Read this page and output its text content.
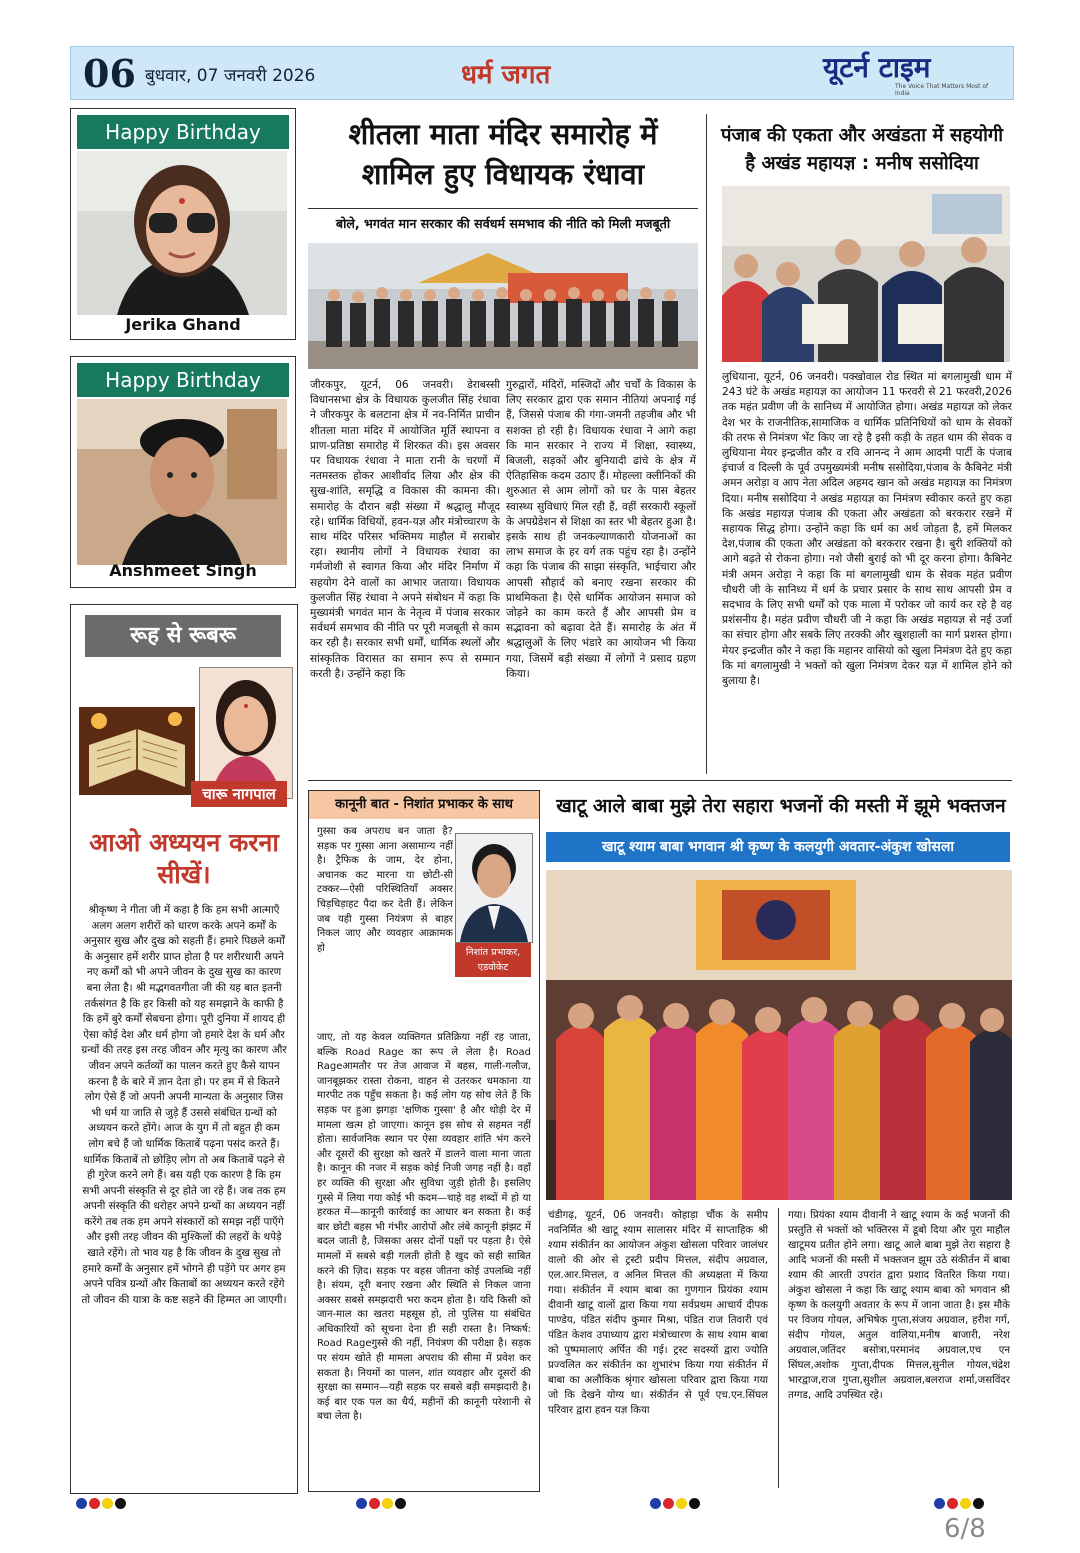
06 बुधवार, 07 जनवरी 2026	धर्म जगत	यूटर्न टाइम
The Voice That Matters Most of India
Happy Birthday
Jerika Ghand
Happy Birthday
Anshmeet Singh
रूह से रूबरू
चारू नागपाल
आओ अध्ययन करना सीखें।
श्रीकृष्ण ने गीता जी में कहा है कि हम सभी आत्माएँ अलग अलग शरीरों को धारण करके अपने कर्मों के अनुसार सुख और दुख को सहती हैं। हमारे पिछले कर्मों के अनुसार हमें शरीर प्राप्त होता है पर शरीरधारी अपने नए कर्मों को भी अपने जीवन के दुख सुख का कारण बना लेता है। श्री मद्भगवतगीता जी की यह बात इतनी तर्कसंगत है कि हर किसी को यह समझाने के काफी है कि हमें बुरे कर्मों सेबचना होगा। पूरी दुनिया में शायद ही ऐसा कोई देश और धर्म होगा जो हमारे देश के धर्म और ग्रन्थों की तरह इस तरह जीवन और मृत्यु का कारण और जीवन अपने कर्तव्यों का पालन करते हुए कैसे यापन करना है के बारे में ज्ञान देता हो। पर हम में से कितने लोग ऐसे हैं जो अपनी अपनी मान्यता के अनुसार जिस भी धर्म या जाति से जुड़े हैं उससे संबंधित ग्रन्थों को अध्ययन करते होंगे। आज के युग में तो बहुत ही कम लोग बचे हैं जो धार्मिक किताबें पढ़ना पसंद करते हैं। धार्मिक किताबें तो छोड़िए लोग तो अब किताबें पढ़ने से ही गुरेज करने लगे हैं। बस यही एक कारण है कि हम सभी अपनी संस्कृति से दूर होते जा रहे हैं। जब तक हम अपनी संस्कृति की धरोहर अपने ग्रन्थों का अध्ययन नहीं करेंगे तब तक हम अपने संस्कारों को समझ नहीं पाएँगे और इसी तरह जीवन की मुश्किलों की लहरों के थपेड़े खाते रहेंगे। तो भाव यह है कि जीवन के दुख सुख तो हमारे कर्मों के अनुसार हमें भोगने ही पड़ेंगे पर अगर हम अपने पवित्र ग्रन्थों और किताबों का अध्ययन करते रहेंगे तो जीवन की यात्रा के कष्ट सहने की हिम्मत आ जाएगी।
शीतला माता मंदिर समारोह में शामिल हुए विधायक रंधावा
बोले, भगवंत मान सरकार की सर्वधर्म समभाव की नीति को मिली मजबूती
जीरकपुर, यूटर्न, 06 जनवरी। डेराबस्सी विधानसभा क्षेत्र के विधायक कुलजीत सिंह रंधावा ने जीरकपुर के बलटाना क्षेत्र में नव-निर्मित प्राचीन शीतला माता मंदिर में आयोजित मूर्ति स्थापना व प्राण-प्रतिष्ठा समारोह में शिरकत की। इस अवसर पर विधायक रंधावा ने माता रानी के चरणों में नतमस्तक होकर आशीर्वाद लिया और क्षेत्र की सुख-शांति, समृद्धि व विकास की कामना की। समारोह के दौरान बड़ी संख्या में श्रद्धालु मौजूद रहे। धार्मिक विधियों, हवन-यज्ञ और मंत्रोच्चारण के साथ मंदिर परिसर भक्तिमय माहौल में सराबोर रहा। स्थानीय लोगों ने विधायक रंधावा का गर्मजोशी से स्वागत किया और मंदिर निर्माण में सहयोग देने वालों का आभार जताया। विधायक कुलजीत सिंह रंधावा ने अपने संबोधन में कहा कि मुख्यमंत्री भगवंत मान के नेतृत्व में पंजाब सरकार सर्वधर्म समभाव की नीति पर पूरी मजबूती से काम कर रही है। सरकार सभी धर्मों, धार्मिक स्थलों और सांस्कृतिक विरासत का समान रूप से सम्मान करती है। उन्होंने कहा कि
गुरुद्वारों, मंदिरों, मस्जिदों और चर्चों के विकास के लिए सरकार द्वारा एक समान नीतियां अपनाई गई हैं, जिससे पंजाब की गंगा-जमनी तहजीब और भी सशक्त हो रही है। विधायक रंधावा ने आगे कहा कि मान सरकार ने राज्य में शिक्षा, स्वास्थ्य, बिजली, सड़कों और बुनियादी ढांचे के क्षेत्र में ऐतिहासिक कदम उठाए हैं। मोहल्ला क्लीनिकों की शुरुआत से आम लोगों को घर के पास बेहतर स्वास्थ्य सुविधाएं मिल रही हैं, वहीं सरकारी स्कूलों के अपग्रेडेशन से शिक्षा का स्तर भी बेहतर हुआ है। इसके साथ ही जनकल्याणकारी योजनाओं का लाभ समाज के हर वर्ग तक पहुंच रहा है। उन्होंने कहा कि पंजाब की साझा संस्कृति, भाईचारा और आपसी सौहार्द को बनाए रखना सरकार की प्राथमिकता है। ऐसे धार्मिक आयोजन समाज को जोड़ने का काम करते हैं और आपसी प्रेम व सद्भावना को बढ़ावा देते हैं। समारोह के अंत में श्रद्धालुओं के लिए भंडारे का आयोजन भी किया गया, जिसमें बड़ी संख्या में लोगों ने प्रसाद ग्रहण किया।
पंजाब की एकता और अखंडता में सहयोगी है अखंड महायज्ञ : मनीष ससोदिया
लुधियाना, यूटर्न, 06 जनवरी। पक्खोवाल रोड स्थित मां बगलामुखी धाम में 243 घंटे के अखंड महायज्ञ का आयोजन 11 फरवरी से 21 फरवरी,2026 तक महंत प्रवीण जी के सानिध्य में आयोजित होगा। अखंड महायज्ञ को लेकर देश भर के राजनीतिक,सामाजिक व धार्मिक प्रतिनिधियों को धाम के सेवकों की तरफ से निमंत्रण भेंट किए जा रहे है इसी कड़ी के तहत धाम की सेवक व लुधियाना मेयर इन्द्रजीत कौर व रवि आनन्द ने आम आदमी पार्टी के पंजाब इंचार्ज व दिल्ली के पूर्व उपमुख्यमंत्री मनीष ससोदिया,पंजाब के कैबिनेट मंत्री अमन अरोड़ा व आप नेता अदिल अहमद खान को अखंड महायज्ञ का निमंत्रण दिया। मनीष ससोदिया ने अखंड महायज्ञ का निमंत्रण स्वीकार करते हुए कहा कि अखंड महायज्ञ पंजाब की एकता और अखंडता को बरकरार रखने में सहायक सिद्ध होगा। उन्होंने कहा कि धर्म का अर्थ जोड़ता है, हमें मिलकर देश,पंजाब की एकता और अखंडता को बरकरार रखना है। बुरी शक्तियों को आगे बढ़ते से रोकना होगा। नशे जैसी बुराई को भी दूर करना होगा। कैबिनेट मंत्री अमन अरोड़ा ने कहा कि मां बगलामुखी धाम के सेवक महंत प्रवीण चौधरी जी के सानिध्य में धर्म के प्रचार प्रसार के साथ साथ आपसी प्रेम व सदभाव के लिए सभी धर्मों को एक माला में परोकर जो कार्य कर रहे है वह प्रशंसनीय है। महंत प्रवीण चौधरी जी ने कहा कि अखंड महायज्ञ से नई उर्जा का संचार होगा और सबके लिए तरक्की और खुशहाली का मार्ग प्रशस्त होगा। मेयर इन्द्रजीत कौर ने कहा कि महानर वासियो को खुला निमंत्रण देते हुए कहा कि मां बगलामुखी ने भक्तों को खुला निमंत्रण देकर यज्ञ में शामिल होने को बुलाया है।
कानूनी बात - निशांत प्रभाकर के साथ
गुस्सा कब अपराध बन जाता है? सड़क पर गुस्सा आना असामान्य नहीं है। ट्रैफिक के जाम, देर होना, अचानक कट मारना या छोटी-सी टक्कर—ऐसी परिस्थितियाँ अक्सर चिड़चिड़ाहट पैदा कर देती हैं। लेकिन जब यही गुस्सा नियंत्रण से बाहर निकल जाए और व्यवहार आक्रामक हो	निशांत प्रभाकर, एडवोकेट
जाए, तो यह केवल व्यक्तिगत प्रतिक्रिया नहीं रह जाता, बल्कि Road Rage का रूप ले लेता है। Road Rageआमतौर पर तेज आवाज में बहस, गाली-गलौज, जानबूझकर रास्ता रोकना, वाहन से उतरकर धमकाना या मारपीट तक पहुँच सकता है। कई लोग यह सोच लेते हैं कि सड़क पर हुआ झगड़ा 'क्षणिक गुस्सा' है और थोड़ी देर में मामला खत्म हो जाएगा। कानून इस सोच से सहमत नहीं होता। सार्वजनिक स्थान पर ऐसा व्यवहार शांति भंग करने और दूसरों की सुरक्षा को खतरे में डालने वाला माना जाता है। कानून की नजर में सड़क कोई निजी जगह नहीं है। वहाँ हर व्यक्ति की सुरक्षा और सुविधा जुड़ी होती है। इसलिए गुस्से में लिया गया कोई भी कदम—चाहे वह शब्दों में हो या हरकत में—कानूनी कार्रवाई का आधार बन सकता है। कई बार छोटी बहस भी गंभीर आरोपों और लंबे कानूनी झंझट में बदल जाती है, जिसका असर दोनों पक्षों पर पड़ता है। ऐसे मामलों में सबसे बड़ी गलती होती है खुद को सही साबित करने की ज़िद। सड़क पर बहस जीतना कोई उपलब्धि नहीं है। संयम, दूरी बनाए रखना और स्थिति से निकल जाना अक्सर सबसे समझदारी भरा कदम होता है। यदि किसी को जान-माल का खतरा महसूस हो, तो पुलिस या संबंधित अधिकारियों को सूचना देना ही सही रास्ता है। निष्कर्ष: Road Rageगुस्से की नहीं, नियंत्रण की परीक्षा है। सड़क पर संयम खोते ही मामला अपराध की सीमा में प्रवेश कर सकता है। नियमों का पालन, शांत व्यवहार और दूसरों की सुरक्षा का सम्मान—यही सड़क पर सबसे बड़ी समझदारी है। कई बार एक पल का धैर्य, महीनों की कानूनी परेशानी से बचा लेता है।
खाटू आले बाबा मुझे तेरा सहारा भजनों की मस्ती में झूमे भक्तजन
खाटू श्याम बाबा भगवान श्री कृष्ण के कलयुगी अवतार-अंकुश खोसला
चंडीगढ़, यूटर्न, 06 जनवरी। कोहाड़ा चौंक के समीप नवनिर्मित श्री खाटू श्याम सालासर मंदिर में साप्ताहिक श्री श्याम संकीर्तन का आयोजन अंकुश खोसला परिवार जालंधर वालो की ओर से ट्रस्टी प्रदीप मित्तल, संदीप अग्रवाल, एल.आर.मित्तल, व अनिल मित्तल की अध्यक्षता में किया गया। संकीर्तन में श्याम बाबा का गुणगान प्रियंका श्याम दीवानी खाटू वालों द्वारा किया गया सर्वप्रथम आचार्य दीपक पाण्डेय, पंडित संदीप कुमार मिश्रा, पंडित राज तिवारी एवं पंडित केशव उपाध्याय द्वारा मंत्रोच्चारण के साथ श्याम बाबा को पुष्पमालाएं अर्पित की गई। ट्रस्ट सदस्यों द्वारा ज्योति प्रज्वलित कर संकीर्तन का शुभारंभ किया गया संकीर्तन में बाबा का अलौकिक श्रृंगार खोसला परिवार द्वारा किया गया जो कि देखने योग्य था। संकीर्तन से पूर्व एच.एन.सिंघल परिवार द्वारा हवन यज्ञ किया
गया। प्रियंका श्याम दीवानी ने खाटू श्याम के कई भजनों की प्रस्तुति से भक्तों को भक्तिरस में डूबो दिया और पूरा माहौल खाटूमय प्रतीत होने लगा। खाटू आले बाबा मुझे तेरा सहारा है आदि भजनों की मस्ती में भक्तजन झूम उठे संकीर्तन में बाबा श्याम की आरती उपरांत द्वारा प्रशाद वितरित किया गया। अंकुश खोसला ने कहा कि खाटू श्याम बाबा को भगवान श्री कृष्ण के कलयुगी अवतार के रूप में जाना जाता है। इस मौके पर विजय गोयल, अभिषेक गुप्ता,संजय अग्रवाल, हरीश गर्ग, संदीप गोयल, अतुल वालिया,मनीष बाजारी, नरेश अग्रवाल,जतिंदर बसोत्रा,परमानंद अग्रवाल,एच एन सिंघल,अशोक गुप्ता,दीपक मित्तल,सुनील गोयल,चंद्रेश भारद्वाज,राज गुप्ता,सुशील अग्रवाल,बलराज शर्मा,जसविंदर तग्गड, आदि उपस्थित रहे।
6/8
